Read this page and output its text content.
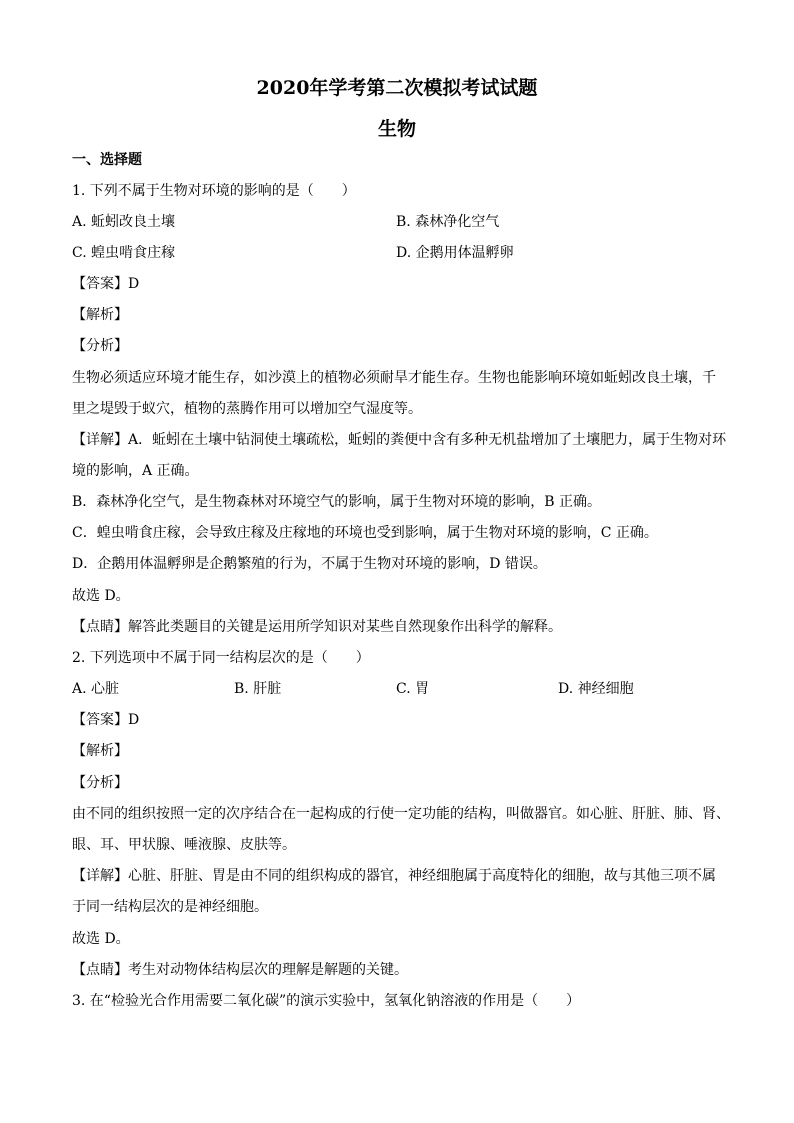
2020年学考第二次模拟考试试题
生物
一、选择题
1. 下列不属于生物对环境的影响的是（　　）
A. 蚯蚓改良土壤	B. 森林净化空气
C. 蝗虫啃食庄稼	D. 企鹅用体温孵卵
【答案】D
【解析】
【分析】
生物必须适应环境才能生存，如沙漠上的植物必须耐旱才能生存。生物也能影响环境如蚯蚓改良土壤，千
里之堤毁于蚁穴，植物的蒸腾作用可以增加空气湿度等。
【详解】A．蚯蚓在土壤中钻洞使土壤疏松，蚯蚓的粪便中含有多种无机盐增加了土壤肥力，属于生物对环
境的影响，A 正确。
B．森林净化空气，是生物森林对环境空气的影响，属于生物对环境的影响，B 正确。
C．蝗虫啃食庄稼，会导致庄稼及庄稼地的环境也受到影响，属于生物对环境的影响，C 正确。
D．企鹅用体温孵卵是企鹅繁殖的行为，不属于生物对环境的影响，D 错误。
故选 D。
【点睛】解答此类题目的关键是运用所学知识对某些自然现象作出科学的解释。
2. 下列选项中不属于同一结构层次的是（　　）
A. 心脏	B. 肝脏	C. 胃	D. 神经细胞
【答案】D
【解析】
【分析】
由不同的组织按照一定的次序结合在一起构成的行使一定功能的结构，叫做器官。如心脏、肝脏、肺、肾、
眼、耳、甲状腺、唾液腺、皮肤等。
【详解】心脏、肝脏、胃是由不同的组织构成的器官，神经细胞属于高度特化的细胞，故与其他三项不属
于同一结构层次的是神经细胞。
故选 D。
【点睛】考生对动物体结构层次的理解是解题的关键。
3. 在“检验光合作用需要二氧化碳”的演示实验中，氢氧化钠溶液的作用是（　　）
